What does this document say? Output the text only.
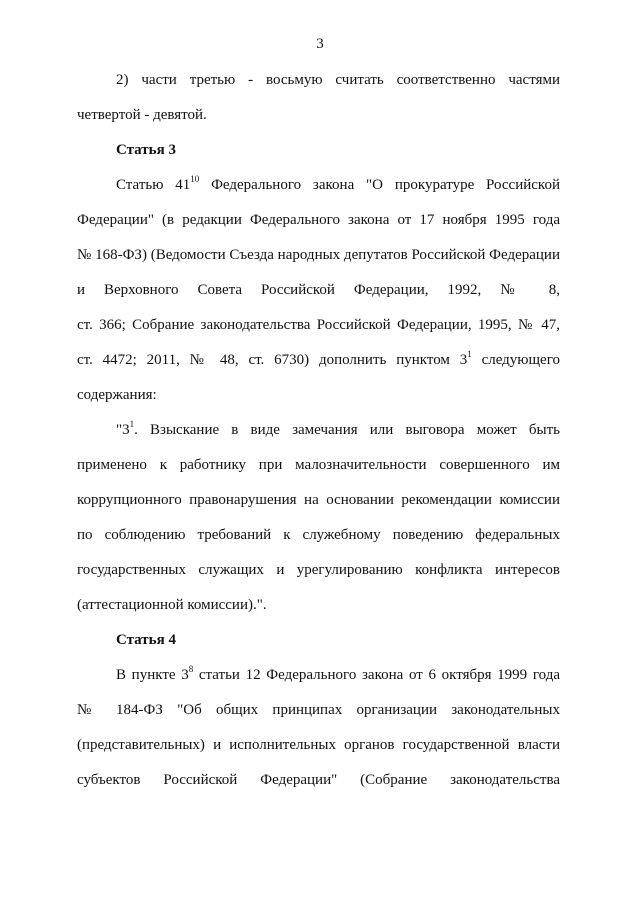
3
2) части третью - восьмую считать соответственно частями
четвертой - девятой.
Статья 3
Статью $41^{10}$ Федерального закона "О прокуратуре Российской
Федерации" (в редакции Федерального закона от 17 ноября 1995 года
№ 168-ФЗ) (Ведомости Съезда народных депутатов Российской Федерации
и Верховного Совета Российской Федерации, 1992, № 8,
ст. 366; Собрание законодательства Российской Федерации, 1995, № 47,
ст. 4472; 2011, № 48, ст. 6730) дополнить пунктом $3^1$ следующего
содержания:
"$3^1$. Взыскание в виде замечания или выговора может быть
применено к работнику при малозначительности совершенного им
коррупционного правонарушения на основании рекомендации комиссии
по соблюдению требований к служебному поведению федеральных
государственных служащих и урегулированию конфликта интересов
(аттестационной комиссии).".
Статья 4
В пункте $3^8$ статьи 12 Федерального закона от 6 октября 1999 года
№ 184-ФЗ "Об общих принципах организации законодательных
(представительных) и исполнительных органов государственной власти
субъектов Российской Федерации" (Собрание законодательства
